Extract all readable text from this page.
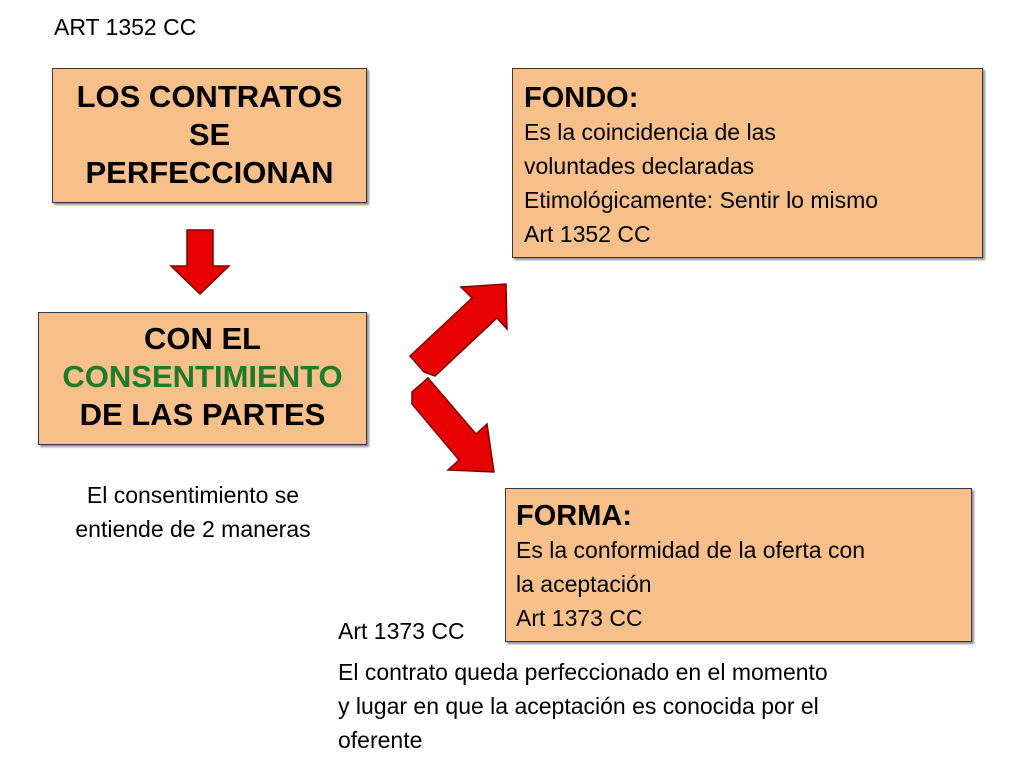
ART 1352 CC
LOS CONTRATOS
SE
PERFECCIONAN
CON EL
CONSENTIMIENTO
DE LAS PARTES
El consentimiento se
entiende de 2 maneras
FONDO:
Es la coincidencia de las
voluntades declaradas
Etimológicamente: Sentir lo mismo
Art 1352 CC
FORMA:
Es la conformidad de la oferta con
la aceptación
Art 1373 CC
Art 1373 CC
El contrato queda perfeccionado en el momento
y lugar en que la aceptación es conocida por el
oferente
